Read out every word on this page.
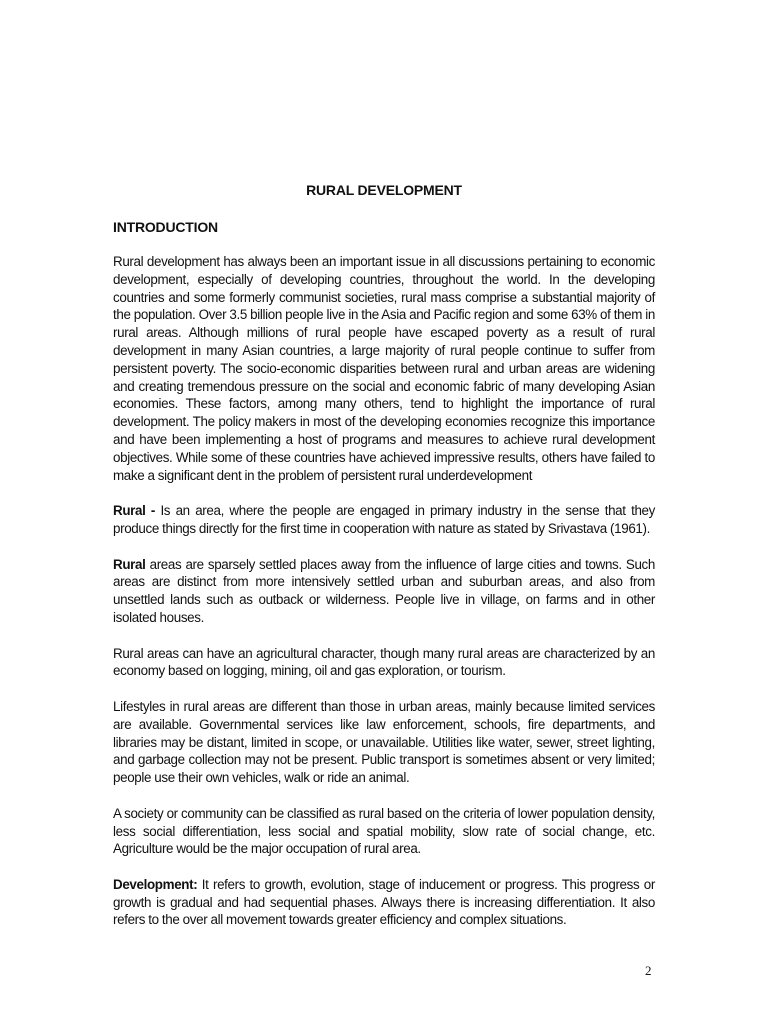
RURAL DEVELOPMENT
INTRODUCTION

Rural development has always been an important issue in all discussions pertaining to economic development, especially of developing countries, throughout the world. In the developing countries and some formerly communist societies, rural mass comprise a substantial majority of the population. Over 3.5 billion people live in the Asia and Pacific region and some 63% of them in rural areas. Although millions of rural people have escaped poverty as a result of rural development in many Asian countries, a large majority of rural people continue to suffer from persistent poverty. The socio-economic disparities between rural and urban areas are widening and creating tremendous pressure on the social and economic fabric of many developing Asian economies. These factors, among many others, tend to highlight the importance of rural development. The policy makers in most of the developing economies recognize this importance and have been implementing a host of programs and measures to achieve rural development objectives. While some of these countries have achieved impressive results, others have failed to make a significant dent in the problem of persistent rural underdevelopment

Rural - Is an area, where the people are engaged in primary industry in the sense that they produce things directly for the first time in cooperation with nature as stated by Srivastava (1961).

Rural areas are sparsely settled places away from the influence of large cities and towns. Such areas are distinct from more intensively settled urban and suburban areas, and also from unsettled lands such as outback or wilderness. People live in village, on farms and in other isolated houses.

Rural areas can have an agricultural character, though many rural areas are characterized by an economy based on logging, mining, oil and gas exploration, or tourism.

Lifestyles in rural areas are different than those in urban areas, mainly because limited services are available. Governmental services like law enforcement, schools, fire departments, and libraries may be distant, limited in scope, or unavailable. Utilities like water, sewer, street lighting, and garbage collection may not be present. Public transport is sometimes absent or very limited; people use their own vehicles, walk or ride an animal.

A society or community can be classified as rural based on the criteria of lower population density, less social differentiation, less social and spatial mobility, slow rate of social change, etc. Agriculture would be the major occupation of rural area.

Development: It refers to growth, evolution, stage of inducement or progress. This progress or growth is gradual and had sequential phases. Always there is increasing differentiation. It also refers to the over all movement towards greater efficiency and complex situations.

2
